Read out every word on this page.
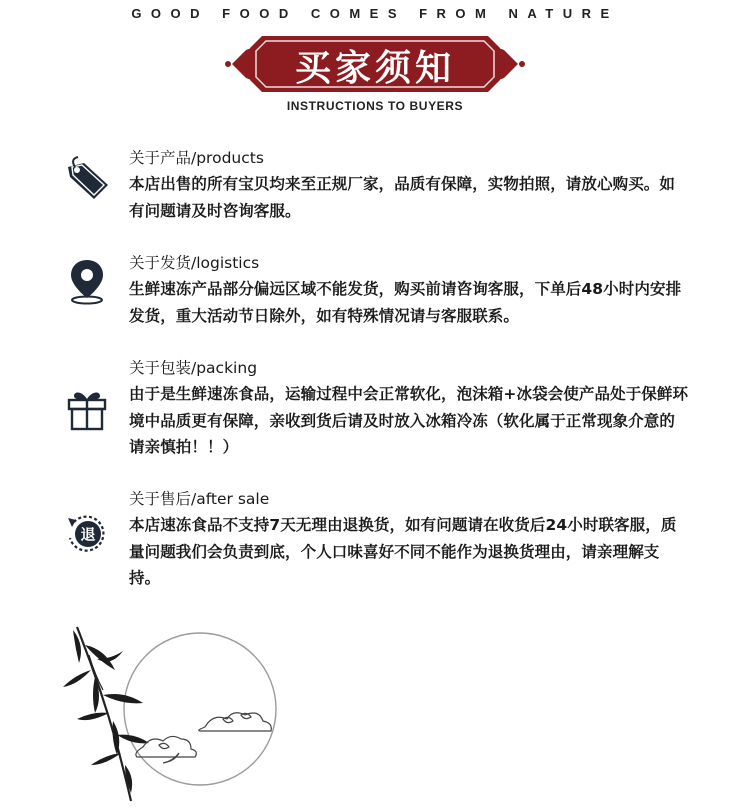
GOOD FOOD COMES FROM NATURE
买家须知
INSTRUCTIONS TO BUYERS
关于产品/products
本店出售的所有宝贝均来至正规厂家，品质有保障，实物拍照，请放心购买。如有问题请及时咨询客服。
关于发货/logistics
生鲜速冻产品部分偏远区域不能发货，购买前请咨询客服，下单后48小时内安排发货，重大活动节日除外，如有特殊情况请与客服联系。
关于包装/packing
由于是生鲜速冻食品，运输过程中会正常软化，泡沫箱+冰袋会使产品处于保鲜环境中品质更有保障，亲收到货后请及时放入冰箱冷冻（软化属于正常现象介意的请亲慎拍！！）
退
关于售后/after sale
本店速冻食品不支持7天无理由退换货，如有问题请在收货后24小时联客服，质量问题我们会负责到底，个人口味喜好不同不能作为退换货理由，请亲理解支持。
